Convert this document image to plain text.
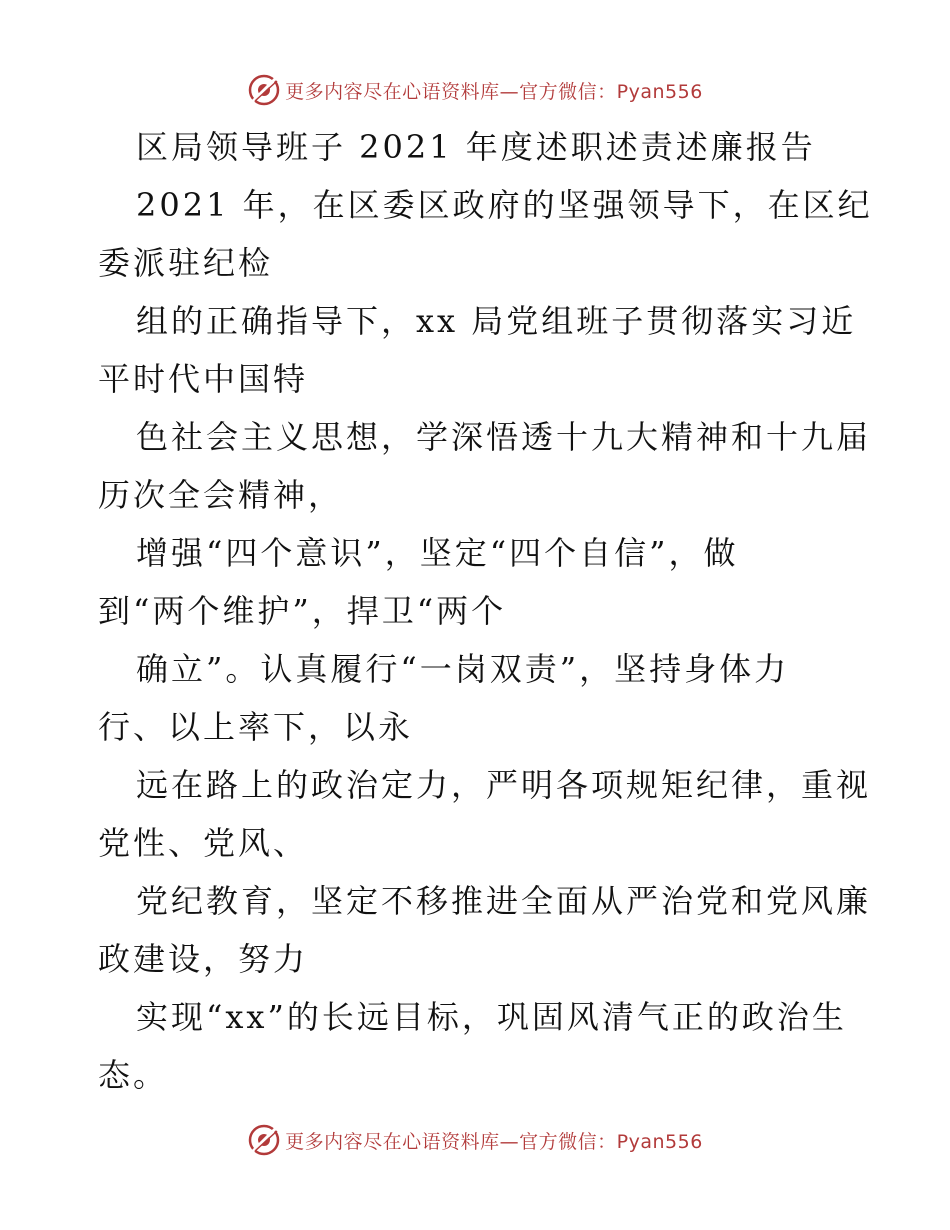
更多内容尽在心语资料库—官方微信：Pyan556
区局领导班子 2021 年度述职述责述廉报告
2021 年，在区委区政府的坚强领导下，在区纪
委派驻纪检
组的正确指导下，xx 局党组班子贯彻落实习近
平时代中国特
色社会主义思想，学深悟透十九大精神和十九届
历次全会精神，
增强“四个意识”，坚定“四个自信”，做
到“两个维护”，捍卫“两个
确立”。认真履行“一岗双责”，坚持身体力
行、以上率下，以永
远在路上的政治定力，严明各项规矩纪律，重视
党性、党风、
党纪教育，坚定不移推进全面从严治党和党风廉
政建设，努力
实现“xx”的长远目标，巩固风清气正的政治生
态。
更多内容尽在心语资料库—官方微信：Pyan556
